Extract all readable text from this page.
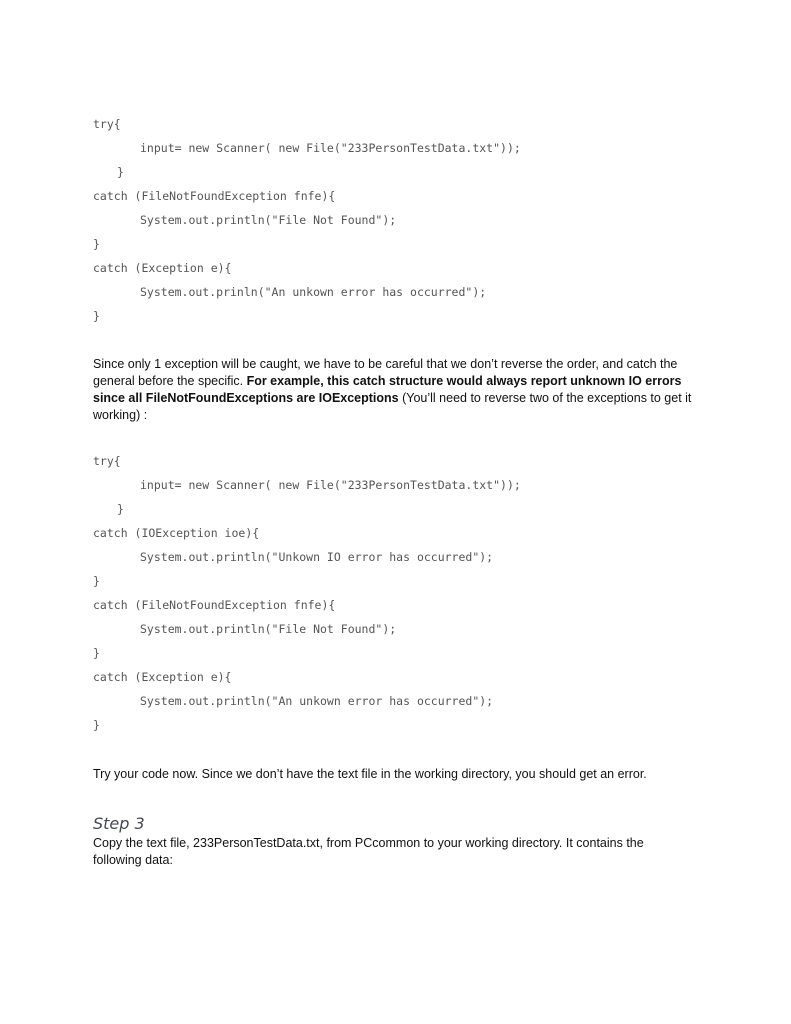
try{

input= new Scanner( new File("233PersonTestData.txt"));

}

catch (FileNotFoundException fnfe){

System.out.println("File Not Found");

}

catch (Exception e){

System.out.prinln("An unkown error has occurred");

}

Since only 1 exception will be caught, we have to be careful that we don’t reverse the order, and catch the general before the specific. For example, this catch structure would always report unknown IO errors since all FileNotFoundExceptions are IOExceptions (You’ll need to reverse two of the exceptions to get it working) :

try{

input= new Scanner( new File("233PersonTestData.txt"));

}

catch (IOException ioe){

System.out.println("Unkown IO error has occurred");

}

catch (FileNotFoundException fnfe){

System.out.println("File Not Found");

}

catch (Exception e){

System.out.println("An unkown error has occurred");

}

Try your code now. Since we don’t have the text file in the working directory, you should get an error.

Step 3

Copy the text file, 233PersonTestData.txt, from PCcommon to your working directory. It contains the following data:
